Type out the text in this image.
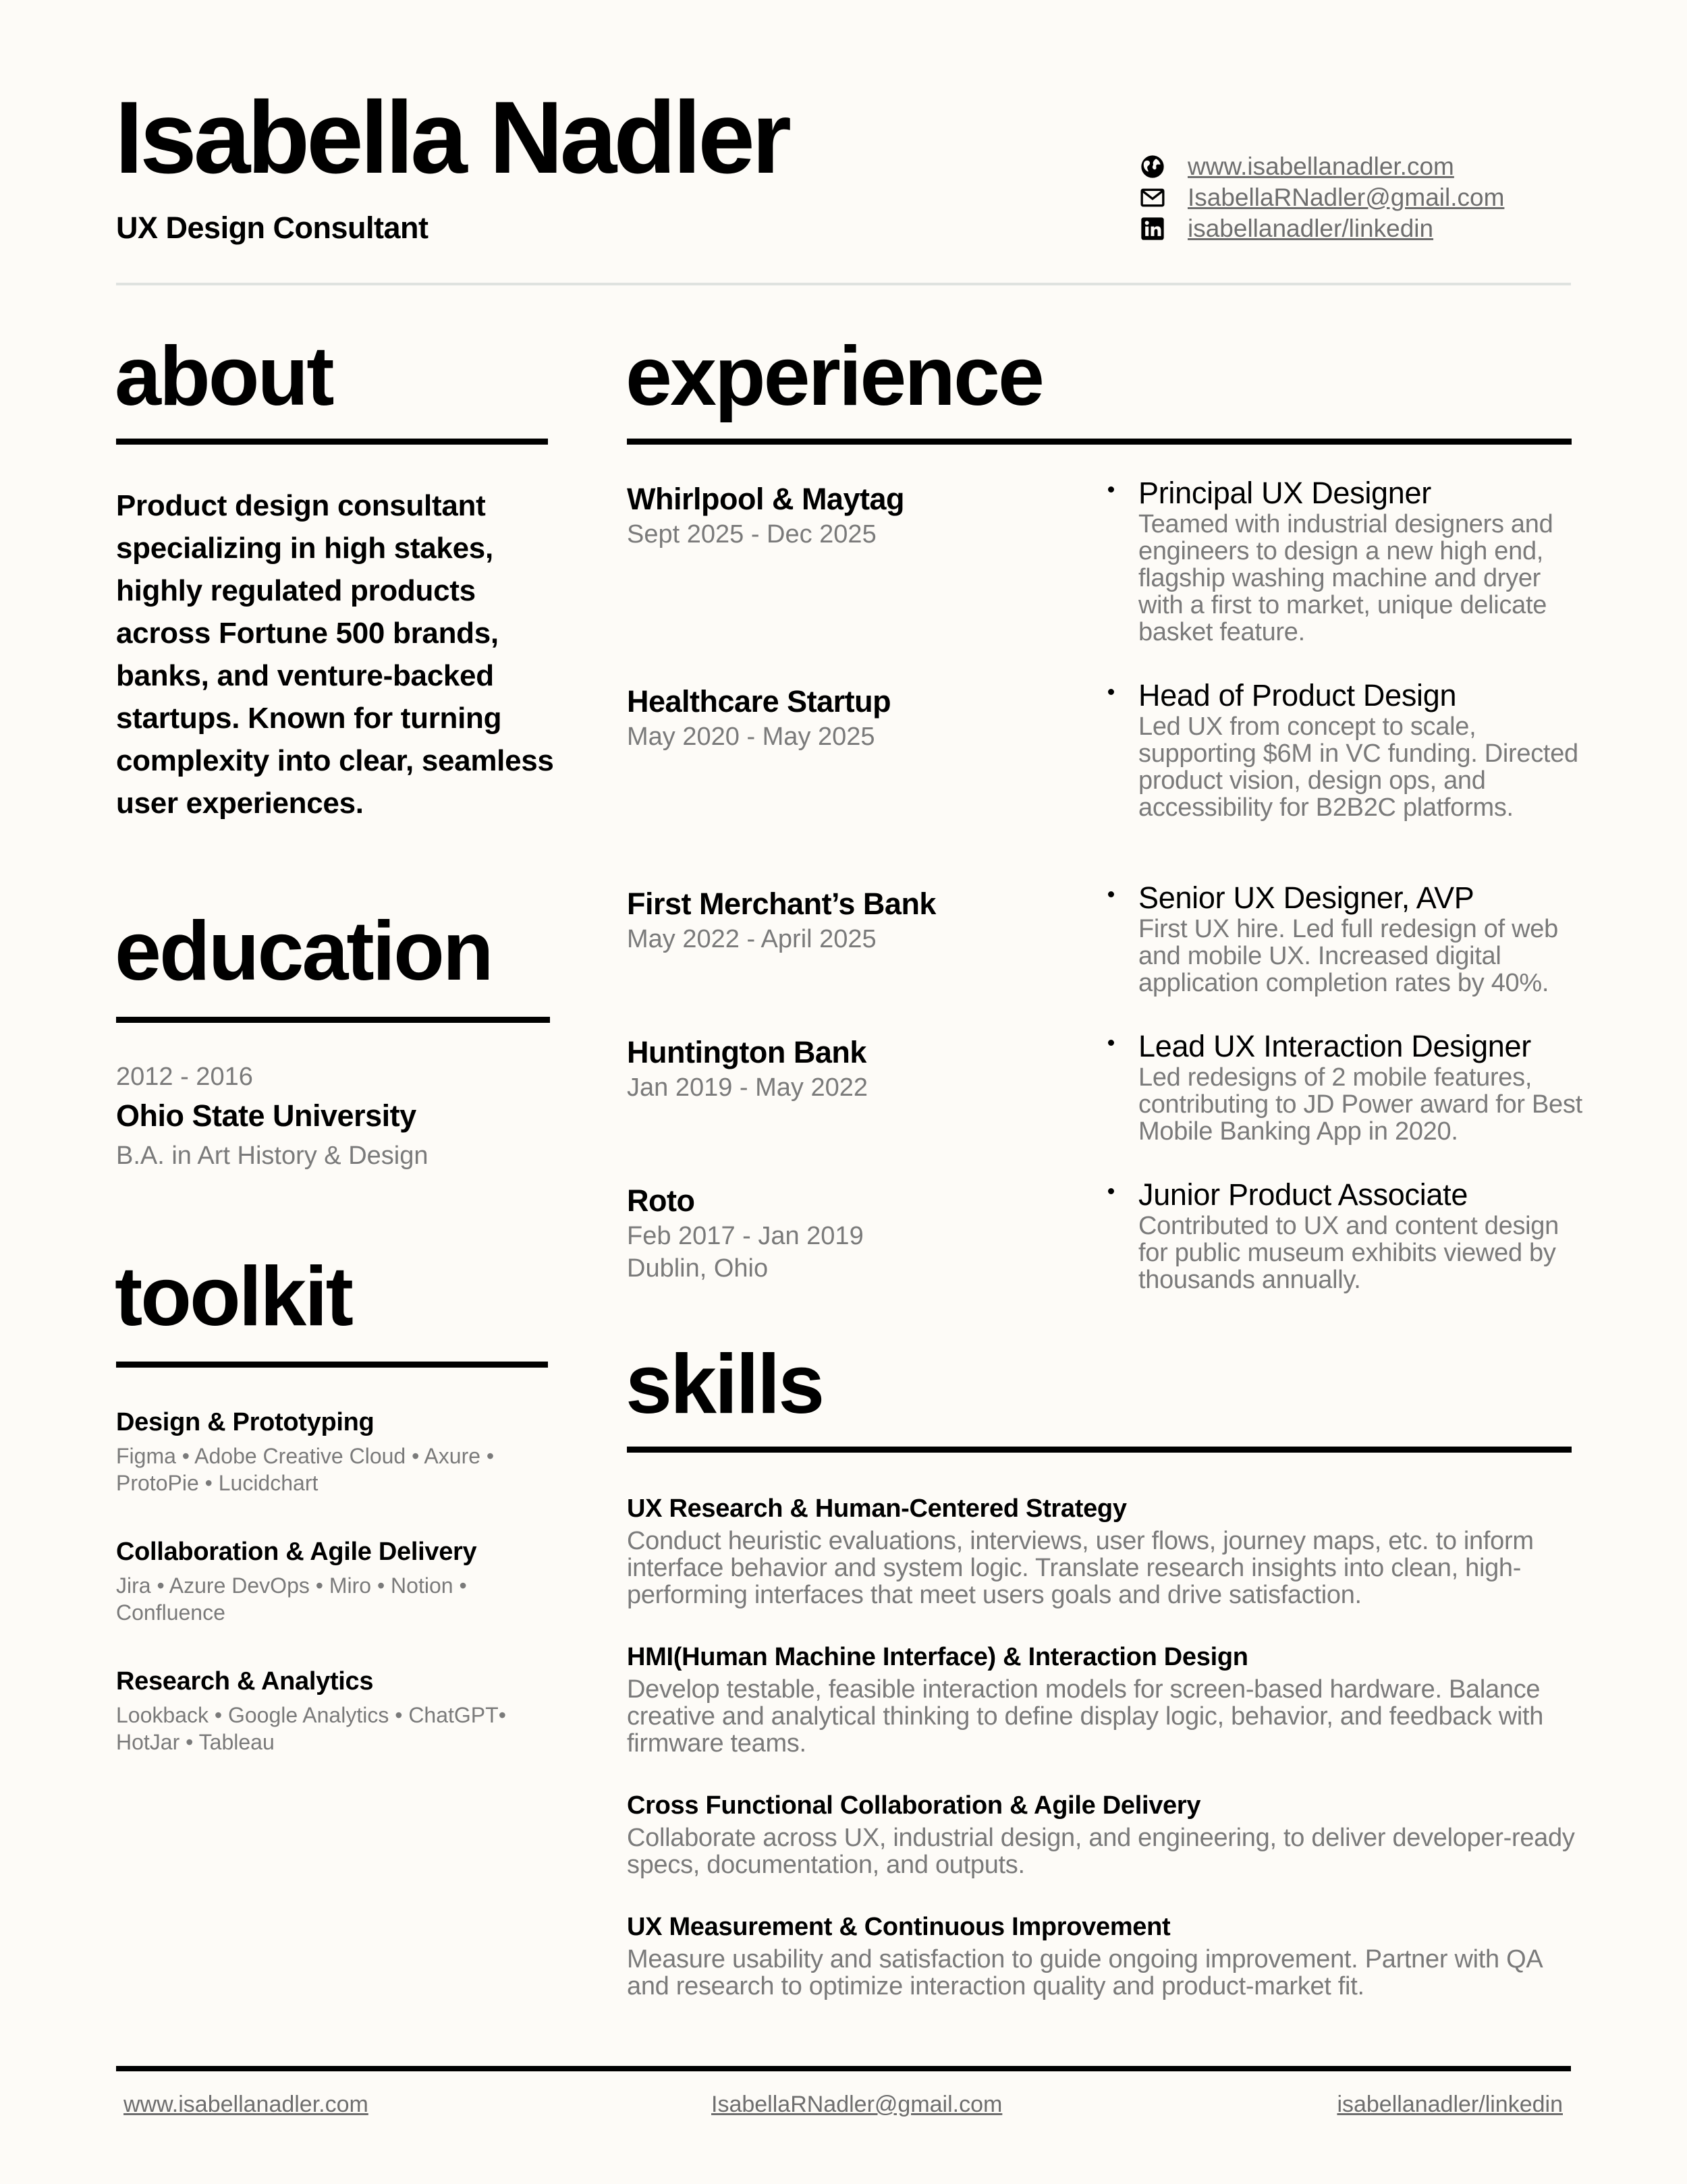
Isabella Nadler
UX Design Consultant
www.isabellanadler.com
IsabellaRNadler@gmail.com
isabellanadler/linkedin
about
Product design consultant specializing in high stakes, highly regulated products across Fortune 500 brands, banks, and venture-backed startups. Known for turning complexity into clear, seamless user experiences.
education
2012 - 2016
Ohio State University
B.A. in Art History & Design
toolkit
Design & Prototyping
Figma • Adobe Creative Cloud • Axure • ProtoPie • Lucidchart
Collaboration & Agile Delivery
Jira • Azure DevOps • Miro • Notion • Confluence
Research & Analytics
Lookback • Google Analytics • ChatGPT• HotJar • Tableau
experience
Whirlpool & Maytag
Sept 2025 - Dec 2025
Principal UX Designer
Teamed with industrial designers and engineers to design a new high end, flagship washing machine and dryer with a first to market, unique delicate basket feature.
Healthcare Startup
May 2020 - May 2025
Head of Product Design
Led UX from concept to scale, supporting $6M in VC funding. Directed product vision, design ops, and accessibility for B2B2C platforms.
First Merchant’s Bank
May 2022 - April 2025
Senior UX Designer, AVP
First UX hire. Led full redesign of web and mobile UX. Increased digital application completion rates by 40%.
Huntington Bank
Jan 2019 - May 2022
Lead UX Interaction Designer
Led redesigns of 2 mobile features, contributing to JD Power award for Best Mobile Banking App in 2020.
Roto
Feb 2017 - Jan 2019
Dublin, Ohio
Junior Product Associate
Contributed to UX and content design for public museum exhibits viewed by thousands annually.
skills
UX Research & Human-Centered Strategy
Conduct heuristic evaluations, interviews, user flows, journey maps, etc. to inform interface behavior and system logic. Translate research insights into clean, high-performing interfaces that meet users goals and drive satisfaction.
HMI(Human Machine Interface) & Interaction Design
Develop testable, feasible interaction models for screen-based hardware. Balance creative and analytical thinking to define display logic, behavior, and feedback with firmware teams.
Cross Functional Collaboration & Agile Delivery
Collaborate across UX, industrial design, and engineering, to deliver developer-ready specs, documentation, and outputs.
UX Measurement & Continuous Improvement
Measure usability and satisfaction to guide ongoing improvement. Partner with QA and research to optimize interaction quality and product-market fit.
www.isabellanadler.com	IsabellaRNadler@gmail.com	isabellanadler/linkedin
